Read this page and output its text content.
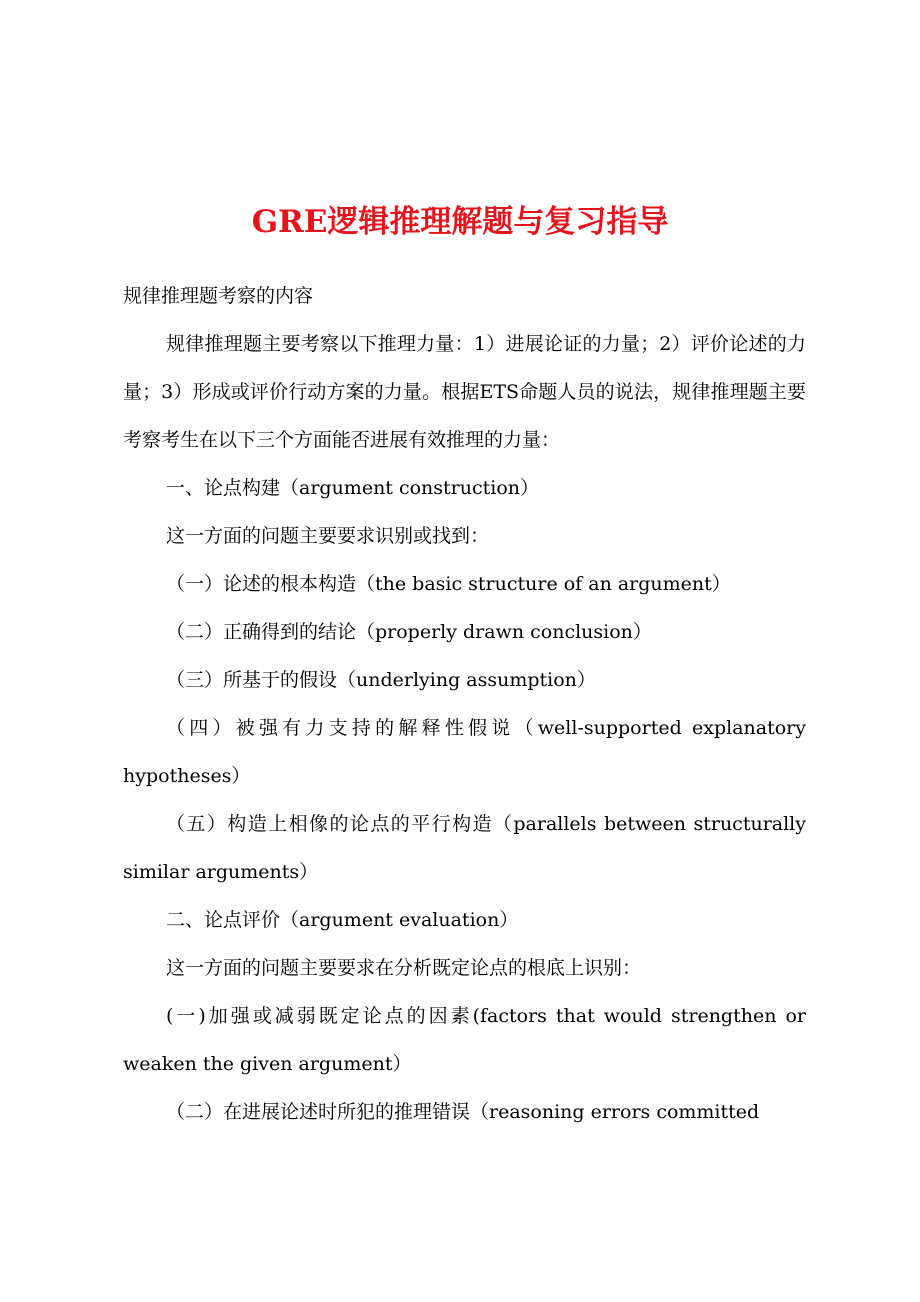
GRE逻辑推理解题与复习指导

规律推理题考察的内容

规律推理题主要考察以下推理力量：1）进展论证的力量；2）评价论述的力量；3）形成或评价行动方案的力量。根据ETS命题人员的说法，规律推理题主要考察考生在以下三个方面能否进展有效推理的力量：

一、论点构建（argument construction）

这一方面的问题主要要求识别或找到：

（一）论述的根本构造（the basic structure of an argument）

（二）正确得到的结论（properly drawn conclusion）

（三）所基于的假设（underlying assumption）

（四）被强有力支持的解释性假说（well-supported explanatory hypotheses）

（五）构造上相像的论点的平行构造（parallels between structurally similar arguments）

二、论点评价（argument evaluation）

这一方面的问题主要要求在分析既定论点的根底上识别：

(一)加强或减弱既定论点的因素(factors that would strengthen or weaken the given argument）

（二）在进展论述时所犯的推理错误（reasoning errors committed
